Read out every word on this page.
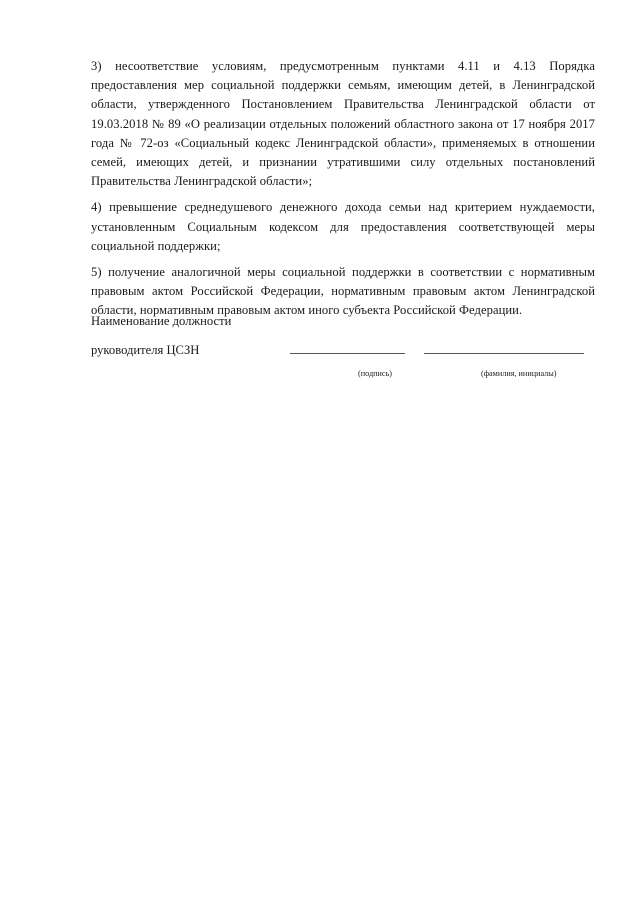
3) несоответствие условиям, предусмотренным пунктами 4.11 и 4.13 Порядка предоставления мер социальной поддержки семьям, имеющим детей, в Ленинградской области, утвержденного Постановлением Правительства Ленинградской области от 19.03.2018 № 89 «О реализации отдельных положений областного закона от 17 ноября 2017 года № 72-оз «Социальный кодекс Ленинградской области», применяемых в отношении семей, имеющих детей, и признании утратившими силу отдельных постановлений Правительства Ленинградской области»;

4) превышение среднедушевого денежного дохода семьи над критерием нуждаемости, установленным Социальным кодексом для предоставления соответствующей меры социальной поддержки;

5) получение аналогичной меры социальной поддержки в соответствии с нормативным правовым актом Российской Федерации, нормативным правовым актом Ленинградской области, нормативным правовым актом иного субъекта Российской Федерации.

Наименование должности
руководителя ЦСЗН
(подпись)	(фамилия, инициалы)
